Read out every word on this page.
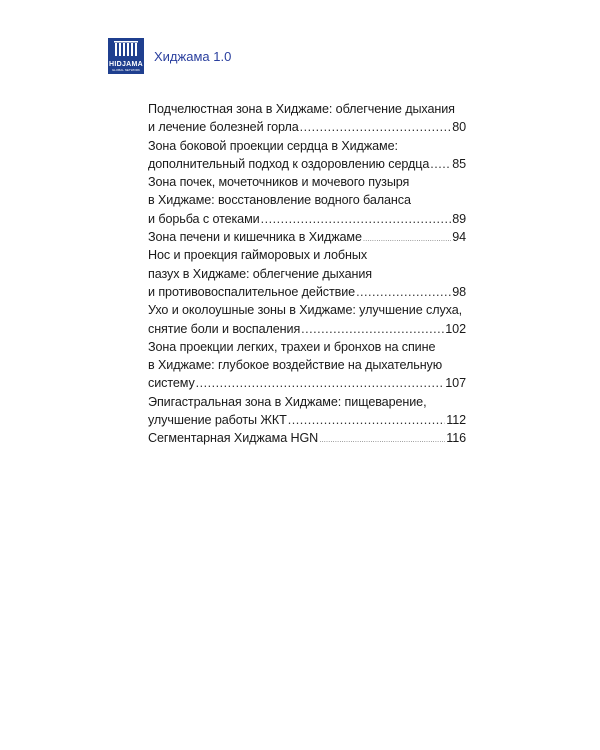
HIDJAMA
GLOBAL NETWORK
Хиджама 1.0
Подчелюстная зона в Хиджаме: облегчение дыхания
и лечение болезней горла . . .	80
Зона боковой проекции сердца в Хиджаме:
дополнительный подход к оздоровлению сердца . . . 85
Зона почек, мочеточников и мочевого пузыря
в Хиджаме: восстановление водного баланса
и борьба с отеками . . .	89
Зона печени и кишечника в Хиджаме .....	94
Нос и проекция гайморовых и лобных
пазух в Хиджаме: облегчение дыхания
и противовоспалительное действие . . .	98
Ухо и околоушные зоны в Хиджаме: улучшение слуха,
снятие боли и воспаления . . .	102
Зона проекции легких, трахеи и бронхов на спине
в Хиджаме: глубокое воздействие на дыхательную
систему . . .	107
Эпигастральная зона в Хиджаме: пищеварение,
улучшение работы ЖКТ . . .	112
Сегментарная Хиджама HGN .....	116
